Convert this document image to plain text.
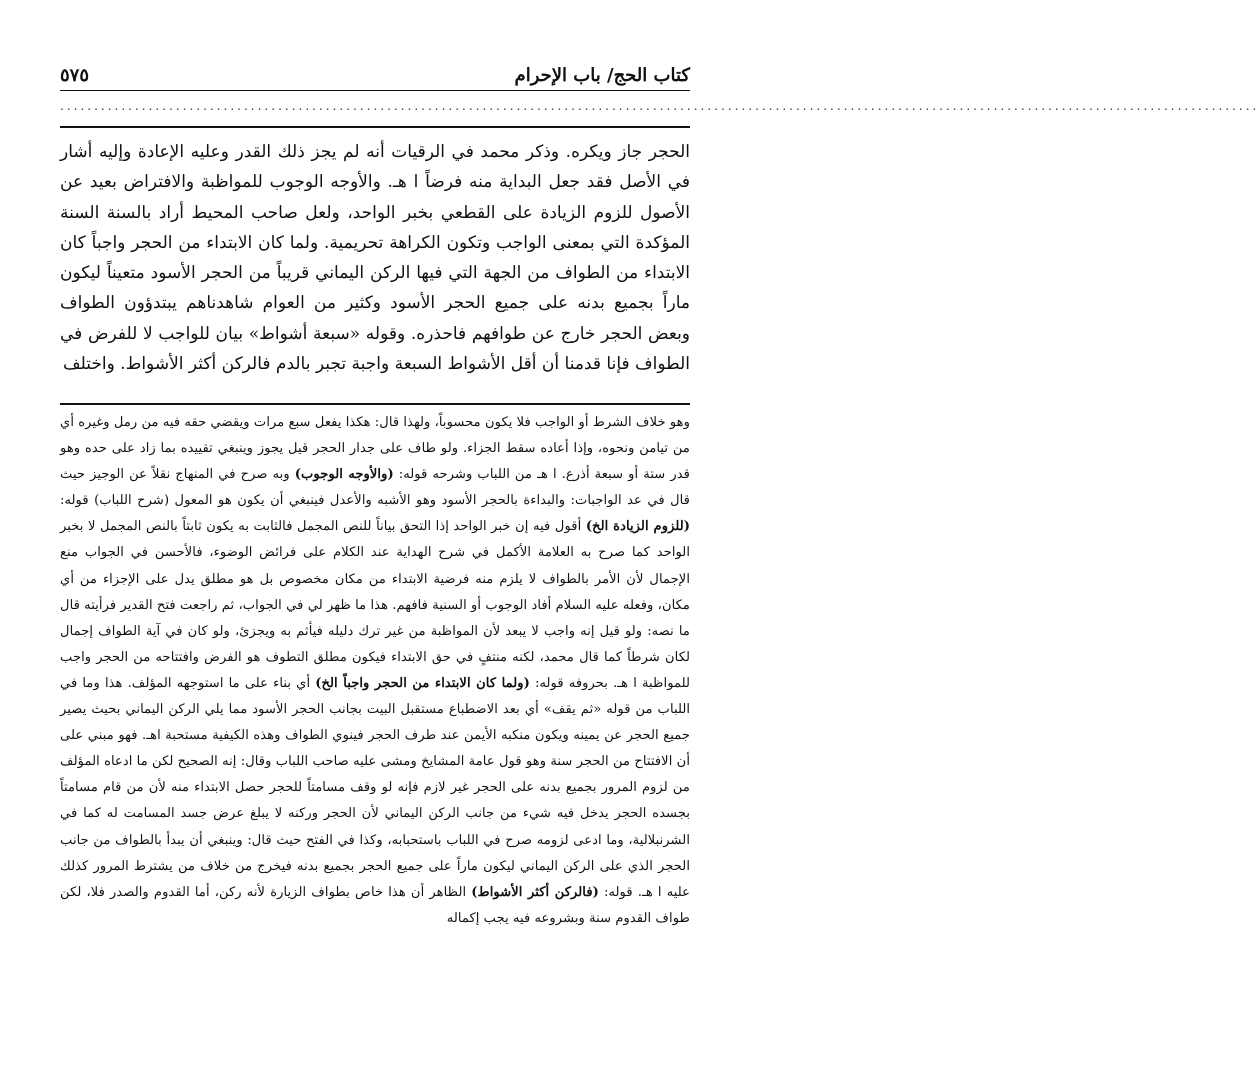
كتاب الحج/ باب الإحرام
٥٧٥
................................................................................................................................................................................

الحجر جاز ويكره. وذكر محمد في الرقيات أنه لم يجز ذلك القدر وعليه الإعادة وإليه أشار في الأصل فقد جعل البداية منه فرضاً ا هـ. والأوجه الوجوب للمواظبة والافتراض بعيد عن الأصول للزوم الزيادة على القطعي بخبر الواحد، ولعل صاحب المحيط أراد بالسنة السنة المؤكدة التي بمعنى الواجب وتكون الكراهة تحريمية. ولما كان الابتداء من الحجر واجباً كان الابتداء من الطواف من الجهة التي فيها الركن اليماني قريباً من الحجر الأسود متعيناً ليكون ماراً بجميع بدنه على جميع الحجر الأسود وكثير من العوام شاهدناهم يبتدؤون الطواف وبعض الحجر خارج عن طوافهم فاحذره. وقوله «سبعة أشواط» بيان للواجب لا للفرض في الطواف فإنا قدمنا أن أقل الأشواط السبعة واجبة تجبر بالدم فالركن أكثر الأشواط. واختلف

وهو خلاف الشرط أو الواجب فلا يكون محسوباً، ولهذا قال: هكذا يفعل سبع مرات ويقضي حقه فيه من رمل وغيره أي من تيامن ونحوه، وإذا أعاده سقط الجزاء. ولو طاف على جدار الحجر قيل يجوز وينبغي تقييده بما زاد على حده وهو قدر ستة أو سبعة أذرع. ا هـ من اللباب وشرحه قوله: (والأوجه الوجوب) وبه صرح في المنهاج نقلاً عن الوجيز حيث قال في عد الواجبات: والبداءة بالحجر الأسود وهو الأشبه والأعدل فينبغي أن يكون هو المعول (شرح اللباب) قوله: (للزوم الزيادة الخ) أقول فيه إن خبر الواحد إذا التحق بياناً للنص المجمل فالثابت به يكون ثابتاً بالنص المجمل لا بخبر الواحد كما صرح به العلامة الأكمل في شرح الهداية عند الكلام على فرائض الوضوء، فالأحسن في الجواب منع الإجمال لأن الأمر بالطواف لا يلزم منه فرضية الابتداء من مكان مخصوص بل هو مطلق يدل على الإجزاء من أي مكان، وفعله عليه السلام أفاد الوجوب أو السنية فافهم. هذا ما ظهر لي في الجواب، ثم راجعت فتح القدير فرأيته قال ما نصه: ولو قيل إنه واجب لا يبعد لأن المواظبة من غير ترك دليله فيأثم به ويجزئ، ولو كان في آية الطواف إجمال لكان شرطاً كما قال محمد، لكنه منتفٍ في حق الابتداء فيكون مطلق التطوف هو الفرض وافتتاحه من الحجر واجب للمواظبة ا هـ. بحروفه قوله: (ولما كان الابتداء من الحجر واجباً الخ) أي بناء على ما استوجهه المؤلف. هذا وما في اللباب من قوله «ثم يقف» أي بعد الاضطباع مستقبل البيت بجانب الحجر الأسود مما يلي الركن اليماني بحيث يصير جميع الحجر عن يمينه ويكون منكبه الأيمن عند طرف الحجر فينوي الطواف وهذه الكيفية مستحبة اهـ. فهو مبني على أن الافتتاح من الحجر سنة وهو قول عامة المشايخ ومشى عليه صاحب اللباب وقال: إنه الصحيح لكن ما ادعاه المؤلف من لزوم المرور بجميع بدنه على الحجر غير لازم فإنه لو وقف مسامتاً للحجر حصل الابتداء منه لأن من قام مسامتاً بجسده الحجر يدخل فيه شيء من جانب الركن اليماني لأن الحجر وركنه لا يبلغ عرض جسد المسامت له كما في الشرنبلالية، وما ادعى لزومه صرح في اللباب باستحبابه، وكذا في الفتح حيث قال: وينبغي أن يبدأ بالطواف من جانب الحجر الذي على الركن اليماني ليكون ماراً على جميع الحجر بجميع بدنه فيخرج من خلاف من يشترط المرور كذلك عليه ا هـ. قوله: (فالركن أكثر الأشواط) الظاهر أن هذا خاص بطواف الزيارة لأنه ركن، أما القدوم والصدر فلا، لكن طواف القدوم سنة وبشروعه فيه يجب إكماله
